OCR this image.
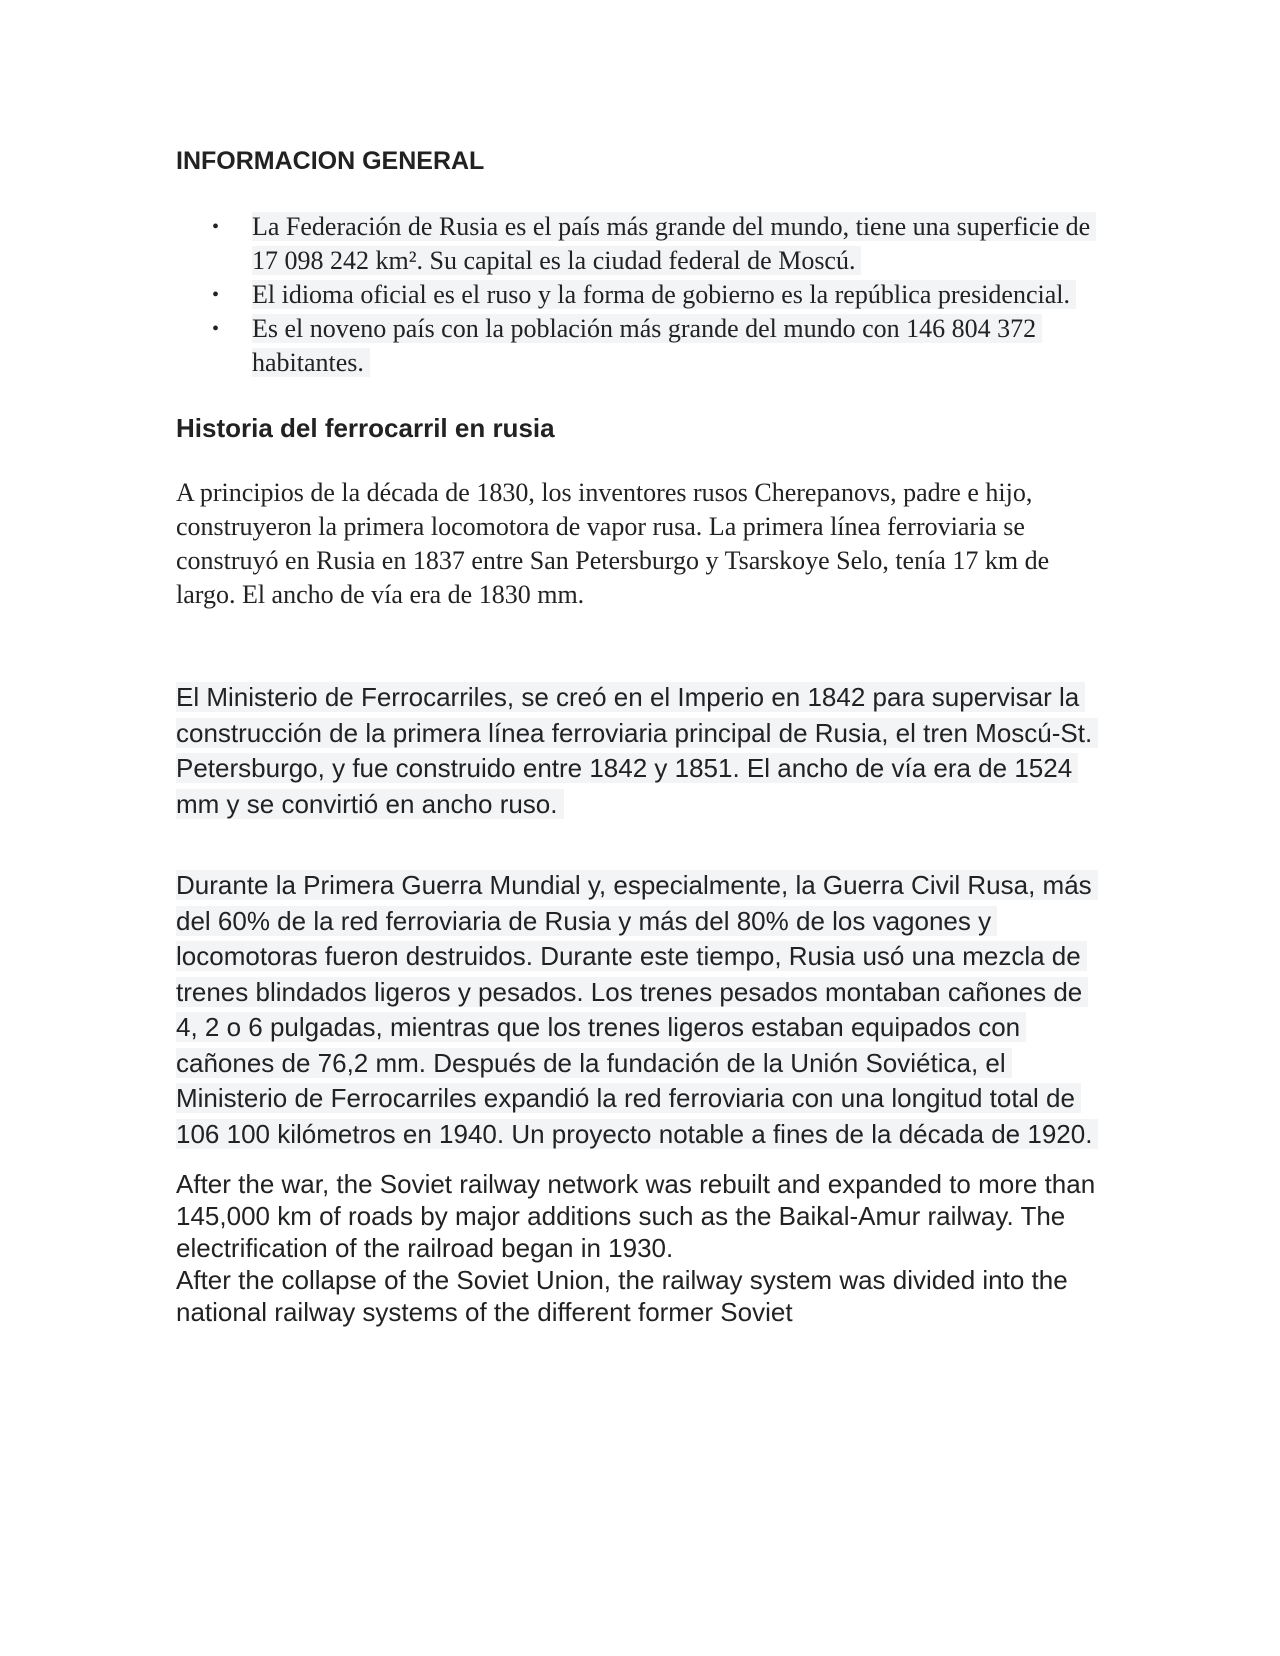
INFORMACION GENERAL
• La Federación de Rusia es el país más grande del mundo, tiene una superficie de 17 098 242 km². Su capital es la ciudad federal de Moscú.
• El idioma oficial es el ruso y la forma de gobierno es la república presidencial.
• Es el noveno país con la población más grande del mundo con 146 804 372 habitantes.
Historia del ferrocarril en rusia

A principios de la década de 1830, los inventores rusos Cherepanovs, padre e hijo, construyeron la primera locomotora de vapor rusa. La primera línea ferroviaria se construyó en Rusia en 1837 entre San Petersburgo y Tsarskoye Selo, tenía 17 km de largo. El ancho de vía era de 1830 mm.

El Ministerio de Ferrocarriles, se creó en el Imperio en 1842 para supervisar la construcción de la primera línea ferroviaria principal de Rusia, el tren Moscú-St. Petersburgo, y fue construido entre 1842 y 1851. El ancho de vía era de 1524 mm y se convirtió en ancho ruso.

Durante la Primera Guerra Mundial y, especialmente, la Guerra Civil Rusa, más del 60% de la red ferroviaria de Rusia y más del 80% de los vagones y locomotoras fueron destruidos. Durante este tiempo, Rusia usó una mezcla de trenes blindados ligeros y pesados. Los trenes pesados montaban cañones de 4, 2 o 6 pulgadas, mientras que los trenes ligeros estaban equipados con cañones de 76,2 mm. Después de la fundación de la Unión Soviética, el Ministerio de Ferrocarriles expandió la red ferroviaria con una longitud total de 106 100 kilómetros en 1940. Un proyecto notable a fines de la década de 1920.

After the war, the Soviet railway network was rebuilt and expanded to more than 145,000 km of roads by major additions such as the Baikal-Amur railway. The electrification of the railroad began in 1930.

After the collapse of the Soviet Union, the railway system was divided into the national railway systems of the different former Soviet
